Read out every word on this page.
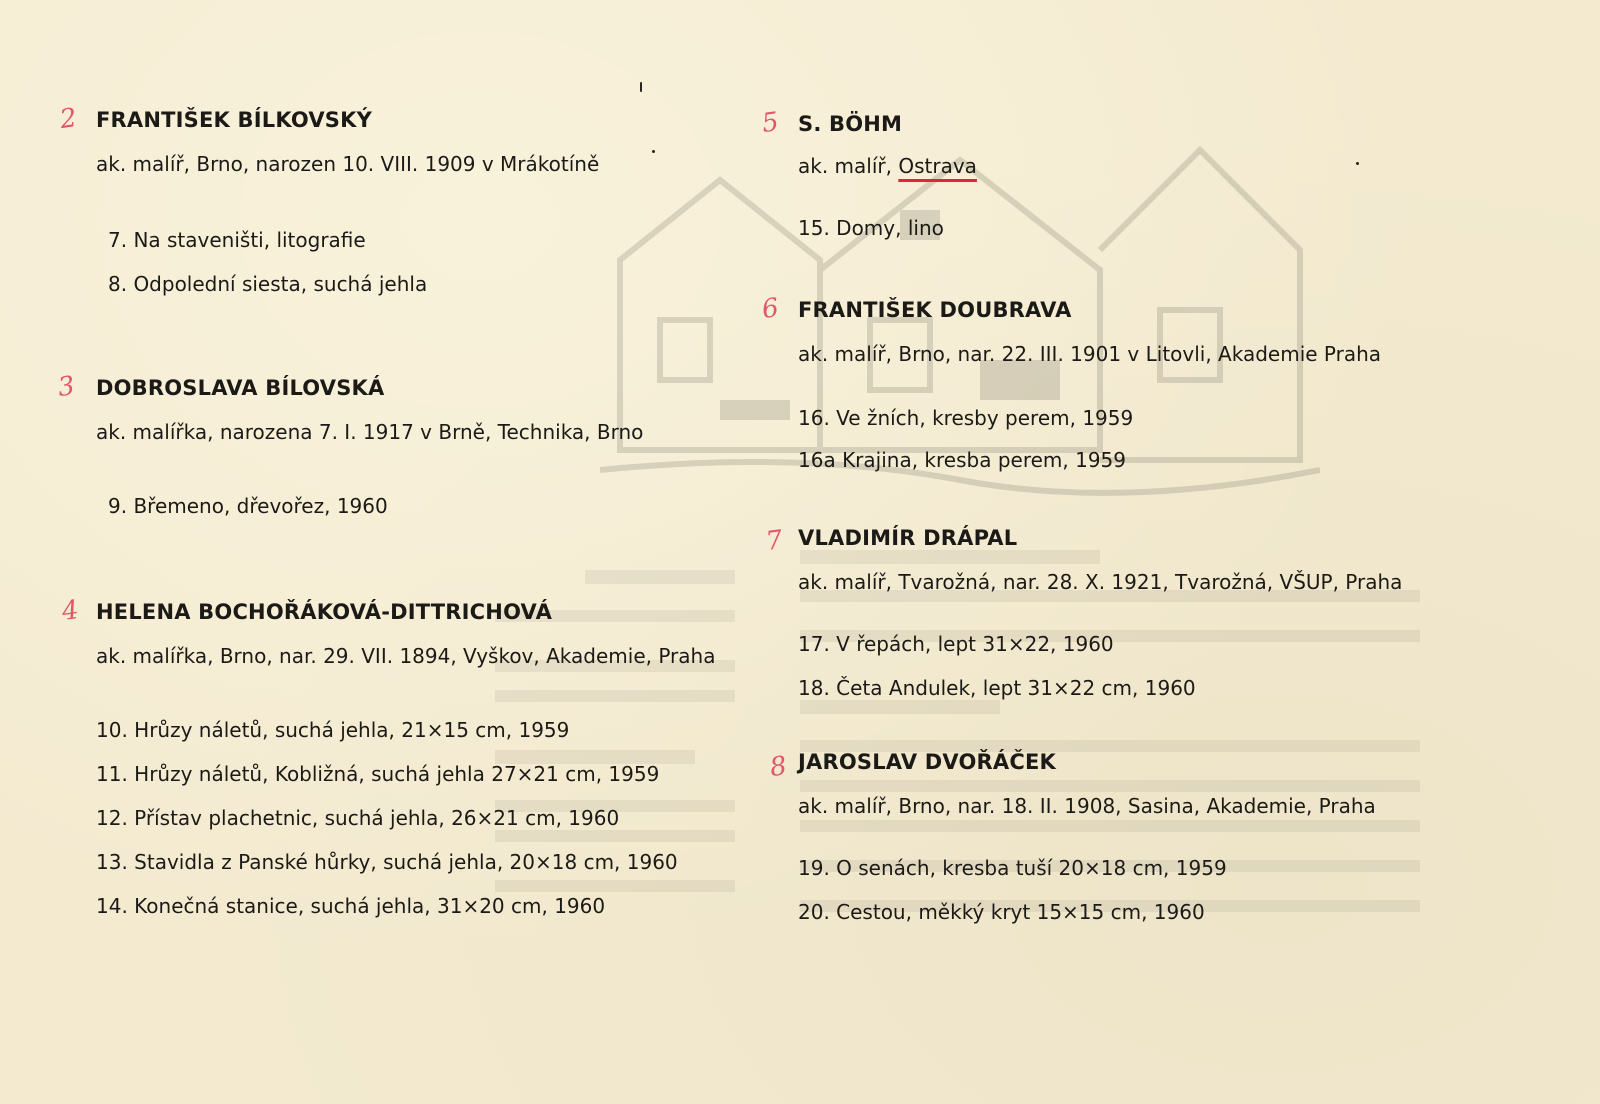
2 FRANTIŠEK BÍLKOVSKÝ
ak. malíř, Brno, narozen 10. VIII. 1909 v Mrákotíně
7. Na staveništi, litografie
8. Odpolední siesta, suchá jehla
3 DOBROSLAVA BÍLOVSKÁ
ak. malířka, narozena 7. I. 1917 v Brně, Technika, Brno
9. Břemeno, dřevořez, 1960
4 HELENA BOCHOŘÁKOVÁ-DITTRICHOVÁ
ak. malířka, Brno, nar. 29. VII. 1894, Vyškov, Akademie, Praha
10. Hrůzy náletů, suchá jehla, 21×15 cm, 1959
11. Hrůzy náletů, Kobližná, suchá jehla 27×21 cm, 1959
12. Přístav plachetnic, suchá jehla, 26×21 cm, 1960
13. Stavidla z Panské hůrky, suchá jehla, 20×18 cm, 1960
14. Konečná stanice, suchá jehla, 31×20 cm, 1960
5 S. BÖHM
ak. malíř, Ostrava
15. Domy, lino
6 FRANTIŠEK DOUBRAVA
ak. malíř, Brno, nar. 22. III. 1901 v Litovli, Akademie Praha
16. Ve žních, kresby perem, 1959
16a Krajina, kresba perem, 1959
7 VLADIMÍR DRÁPAL
ak. malíř, Tvarožná, nar. 28. X. 1921, Tvarožná, VŠUP, Praha
17. V řepách, lept 31×22, 1960
18. Četa Andulek, lept 31×22 cm, 1960
8 JAROSLAV DVOŘÁČEK
ak. malíř, Brno, nar. 18. II. 1908, Sasina, Akademie, Praha
19. O senách, kresba tuší 20×18 cm, 1959
20. Cestou, měkký kryt 15×15 cm, 1960
